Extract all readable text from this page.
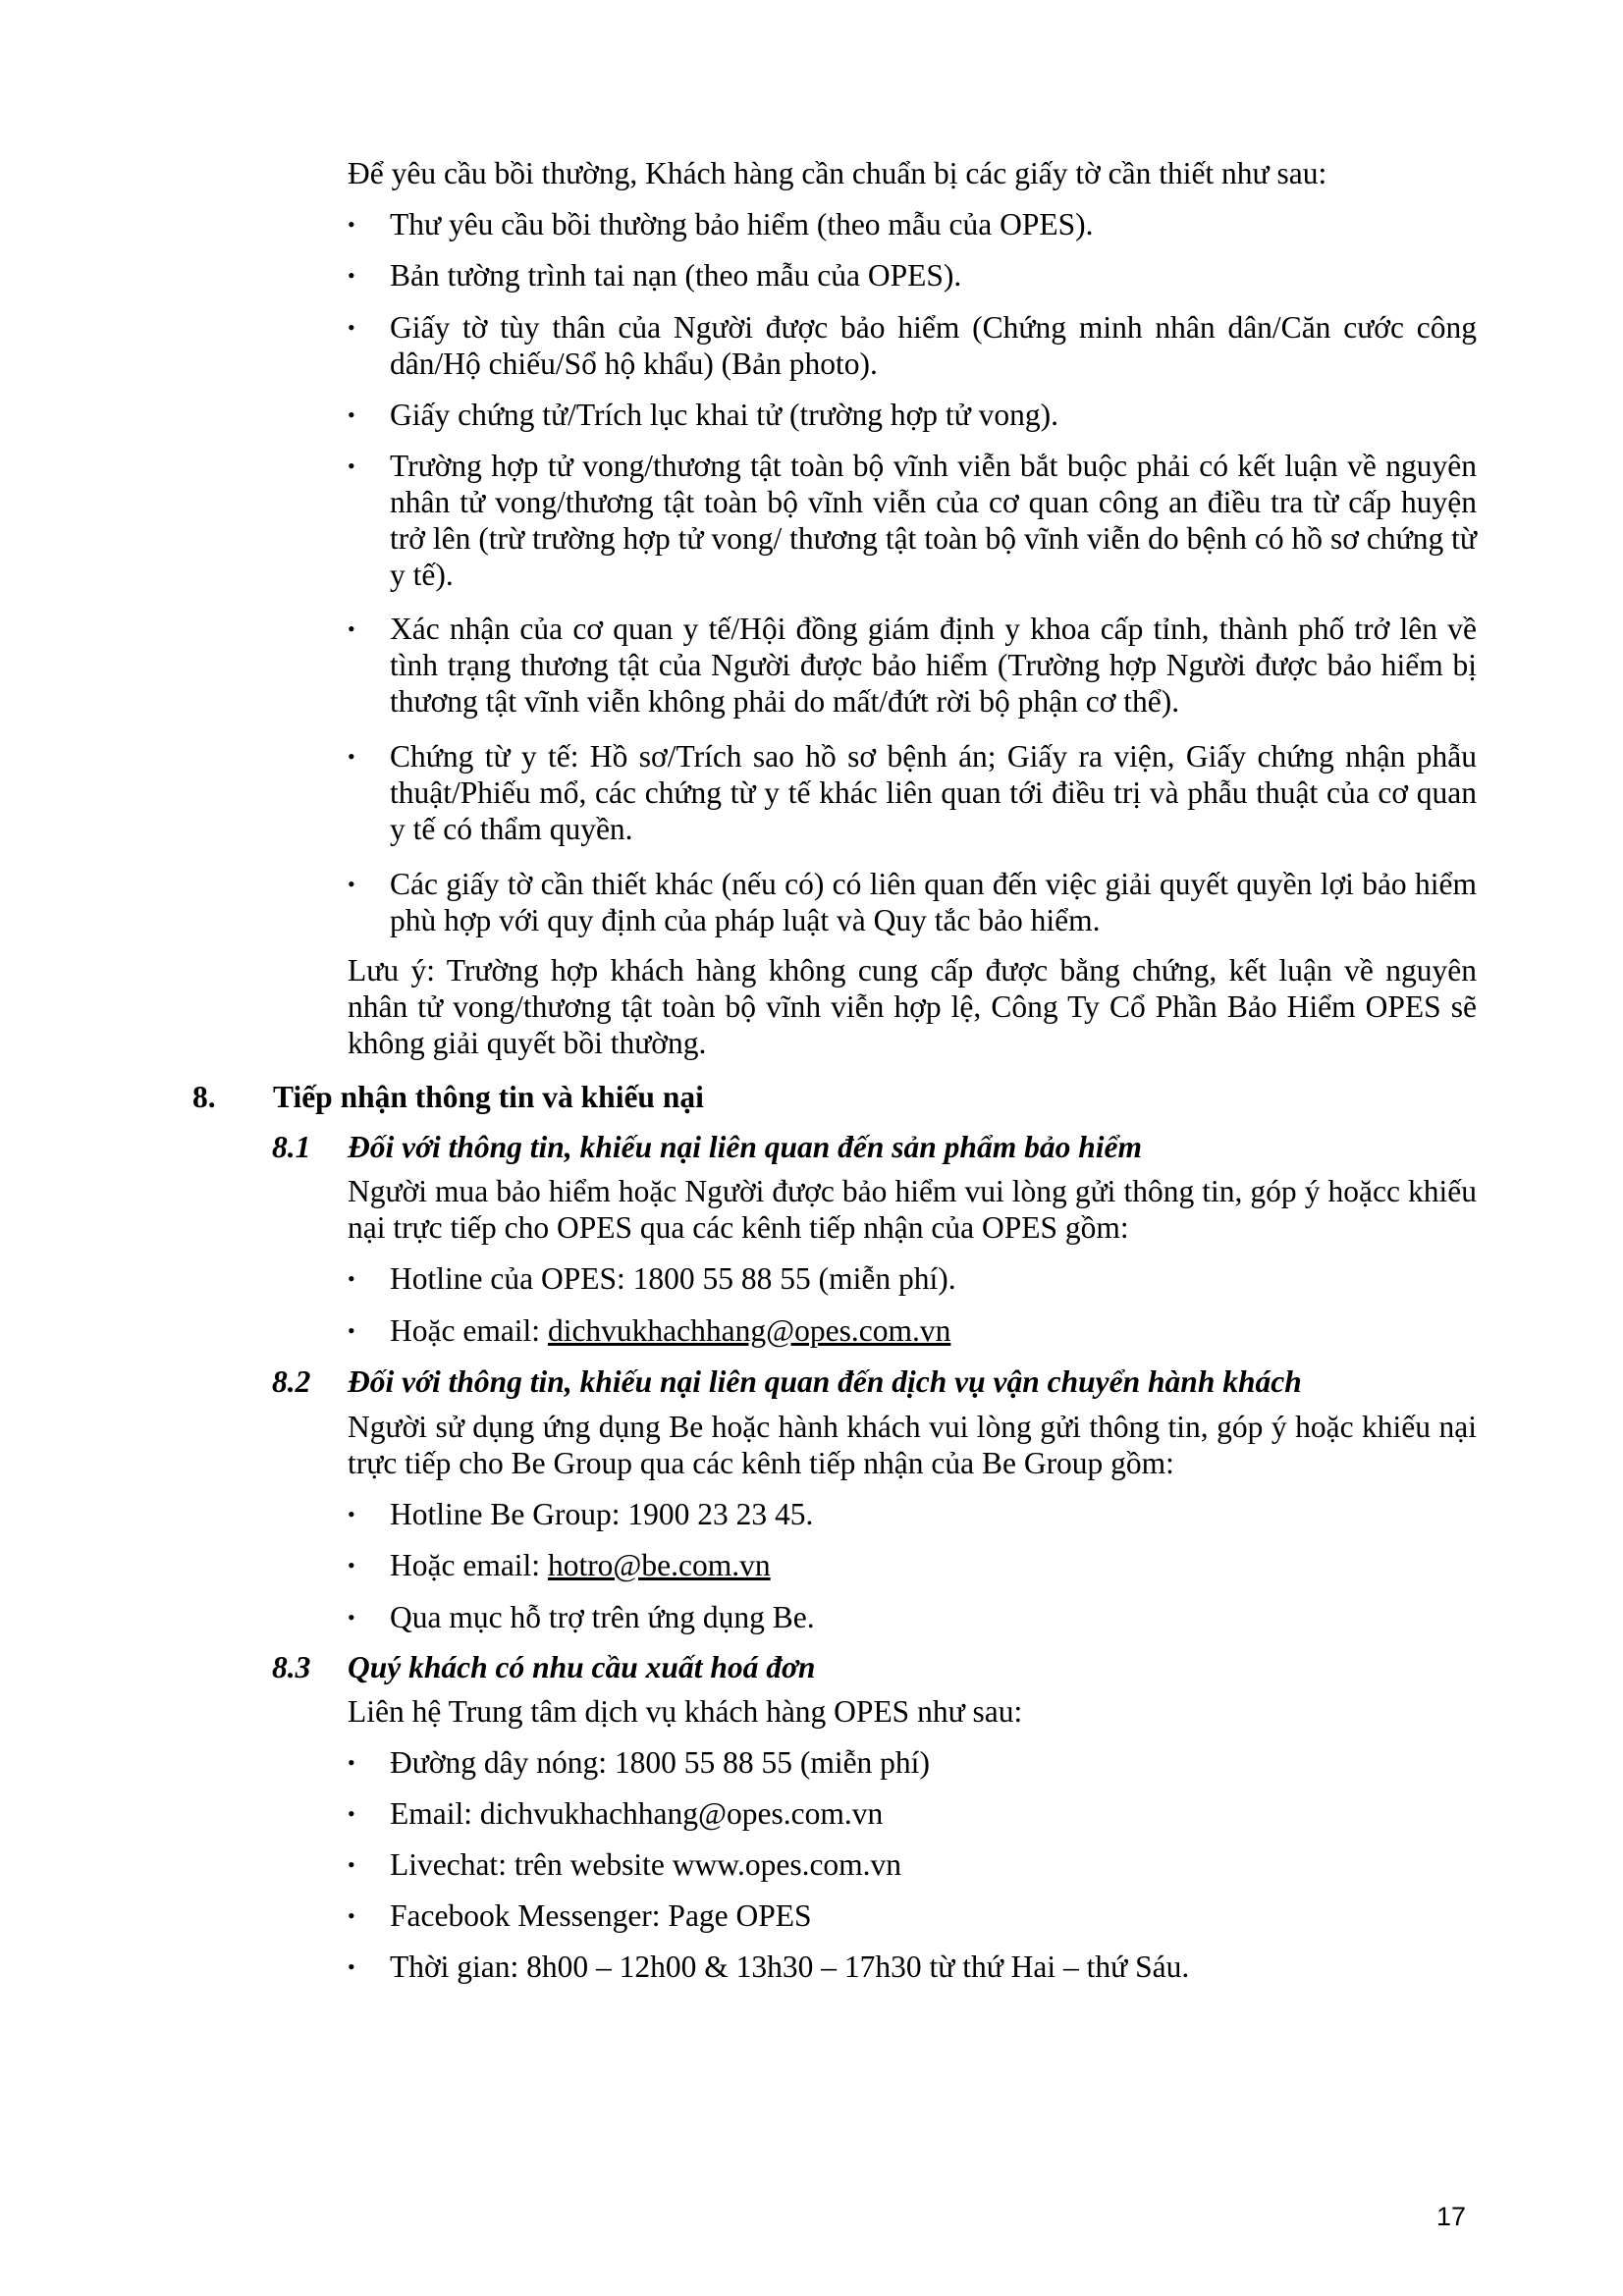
Để yêu cầu bồi thường, Khách hàng cần chuẩn bị các giấy tờ cần thiết như sau:

•	Thư yêu cầu bồi thường bảo hiểm (theo mẫu của OPES).
•	Bản tường trình tai nạn (theo mẫu của OPES).
•	Giấy tờ tùy thân của Người được bảo hiểm (Chứng minh nhân dân/Căn cước công dân/Hộ chiếu/Sổ hộ khẩu) (Bản photo).
•	Giấy chứng tử/Trích lục khai tử (trường hợp tử vong).
•	Trường hợp tử vong/thương tật toàn bộ vĩnh viễn bắt buộc phải có kết luận về nguyên nhân tử vong/thương tật toàn bộ vĩnh viễn của cơ quan công an điều tra từ cấp huyện trở lên (trừ trường hợp tử vong/ thương tật toàn bộ vĩnh viễn do bệnh có hồ sơ chứng từ y tế).
•	Xác nhận của cơ quan y tế/Hội đồng giám định y khoa cấp tỉnh, thành phố trở lên về tình trạng thương tật của Người được bảo hiểm (Trường hợp Người được bảo hiểm bị thương tật vĩnh viễn không phải do mất/đứt rời bộ phận cơ thể).
•	Chứng từ y tế: Hồ sơ/Trích sao hồ sơ bệnh án; Giấy ra viện, Giấy chứng nhận phẫu thuật/Phiếu mổ, các chứng từ y tế khác liên quan tới điều trị và phẫu thuật của cơ quan y tế có thẩm quyền.
•	Các giấy tờ cần thiết khác (nếu có) có liên quan đến việc giải quyết quyền lợi bảo hiểm phù hợp với quy định của pháp luật và Quy tắc bảo hiểm.

Lưu ý: Trường hợp khách hàng không cung cấp được bằng chứng, kết luận về nguyên nhân tử vong/thương tật toàn bộ vĩnh viễn hợp lệ, Công Ty Cổ Phần Bảo Hiểm OPES sẽ không giải quyết bồi thường.

8. Tiếp nhận thông tin và khiếu nại
8.1 Đối với thông tin, khiếu nại liên quan đến sản phẩm bảo hiểm

Người mua bảo hiểm hoặc Người được bảo hiểm vui lòng gửi thông tin, góp ý hoặcc khiếu nại trực tiếp cho OPES qua các kênh tiếp nhận của OPES gồm:

•	Hotline của OPES: 1800 55 88 55 (miễn phí).
•	Hoặc email: dichvukhachhang@opes.com.vn
8.2 Đối với thông tin, khiếu nại liên quan đến dịch vụ vận chuyển hành khách

Người sử dụng ứng dụng Be hoặc hành khách vui lòng gửi thông tin, góp ý hoặc khiếu nại trực tiếp cho Be Group qua các kênh tiếp nhận của Be Group gồm:

•	Hotline Be Group: 1900 23 23 45.
•	Hoặc email: hotro@be.com.vn
•	Qua mục hỗ trợ trên ứng dụng Be.
8.3 Quý khách có nhu cầu xuất hoá đơn

Liên hệ Trung tâm dịch vụ khách hàng OPES như sau:

•	Đường dây nóng: 1800 55 88 55 (miễn phí)
•	Email: dichvukhachhang@opes.com.vn
•	Livechat: trên website www.opes.com.vn
•	Facebook Messenger: Page OPES
•	Thời gian: 8h00 – 12h00 & 13h30 – 17h30 từ thứ Hai – thứ Sáu.
17
